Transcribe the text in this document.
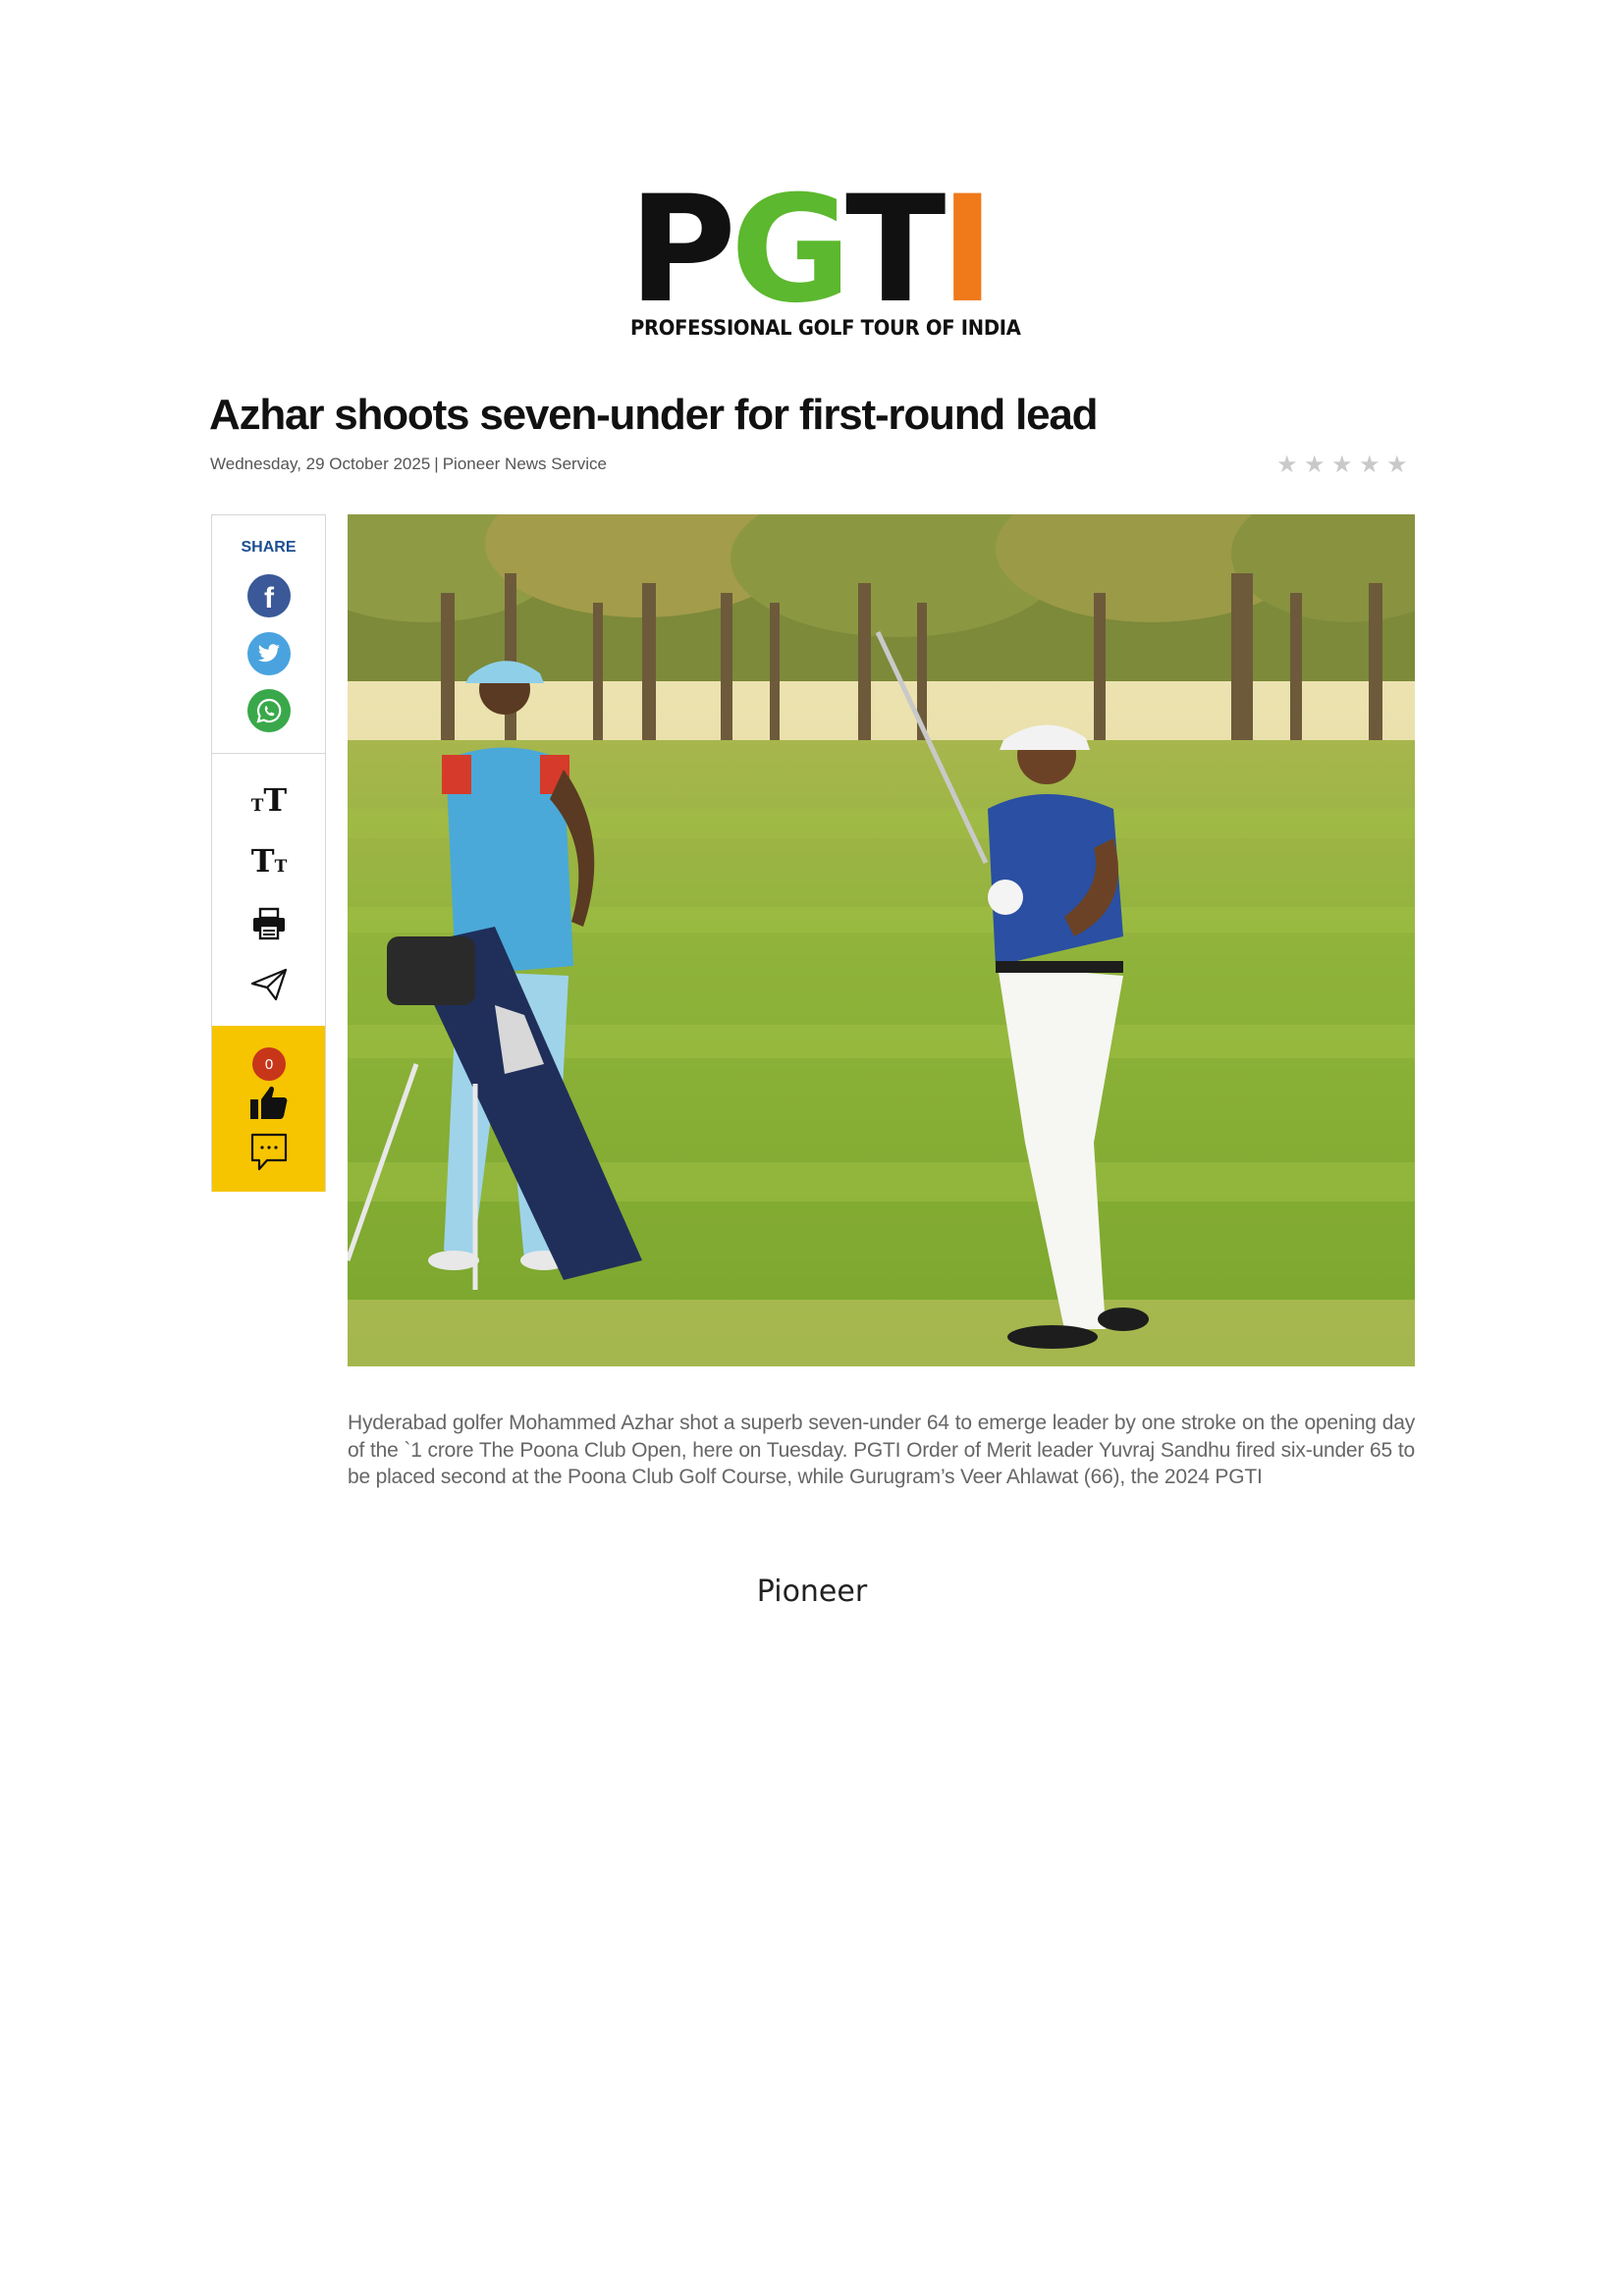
P G T I
PROFESSIONAL GOLF TOUR OF INDIA
Azhar shoots seven-under for first-round lead
Wednesday, 29 October 2025 | Pioneer News Service	★ ★ ★ ★ ★
SHARE
f
TT
TT
0

Hyderabad golfer Mohammed Azhar shot a superb seven-under 64 to emerge leader by one stroke on the opening day of the `1 crore The Poona Club Open, here on Tuesday. PGTI Order of Merit leader Yuvraj Sandhu fired six-under 65 to be placed second at the Poona Club Golf Course, while Gurugram’s Veer Ahlawat (66), the 2024 PGTI

Pioneer
